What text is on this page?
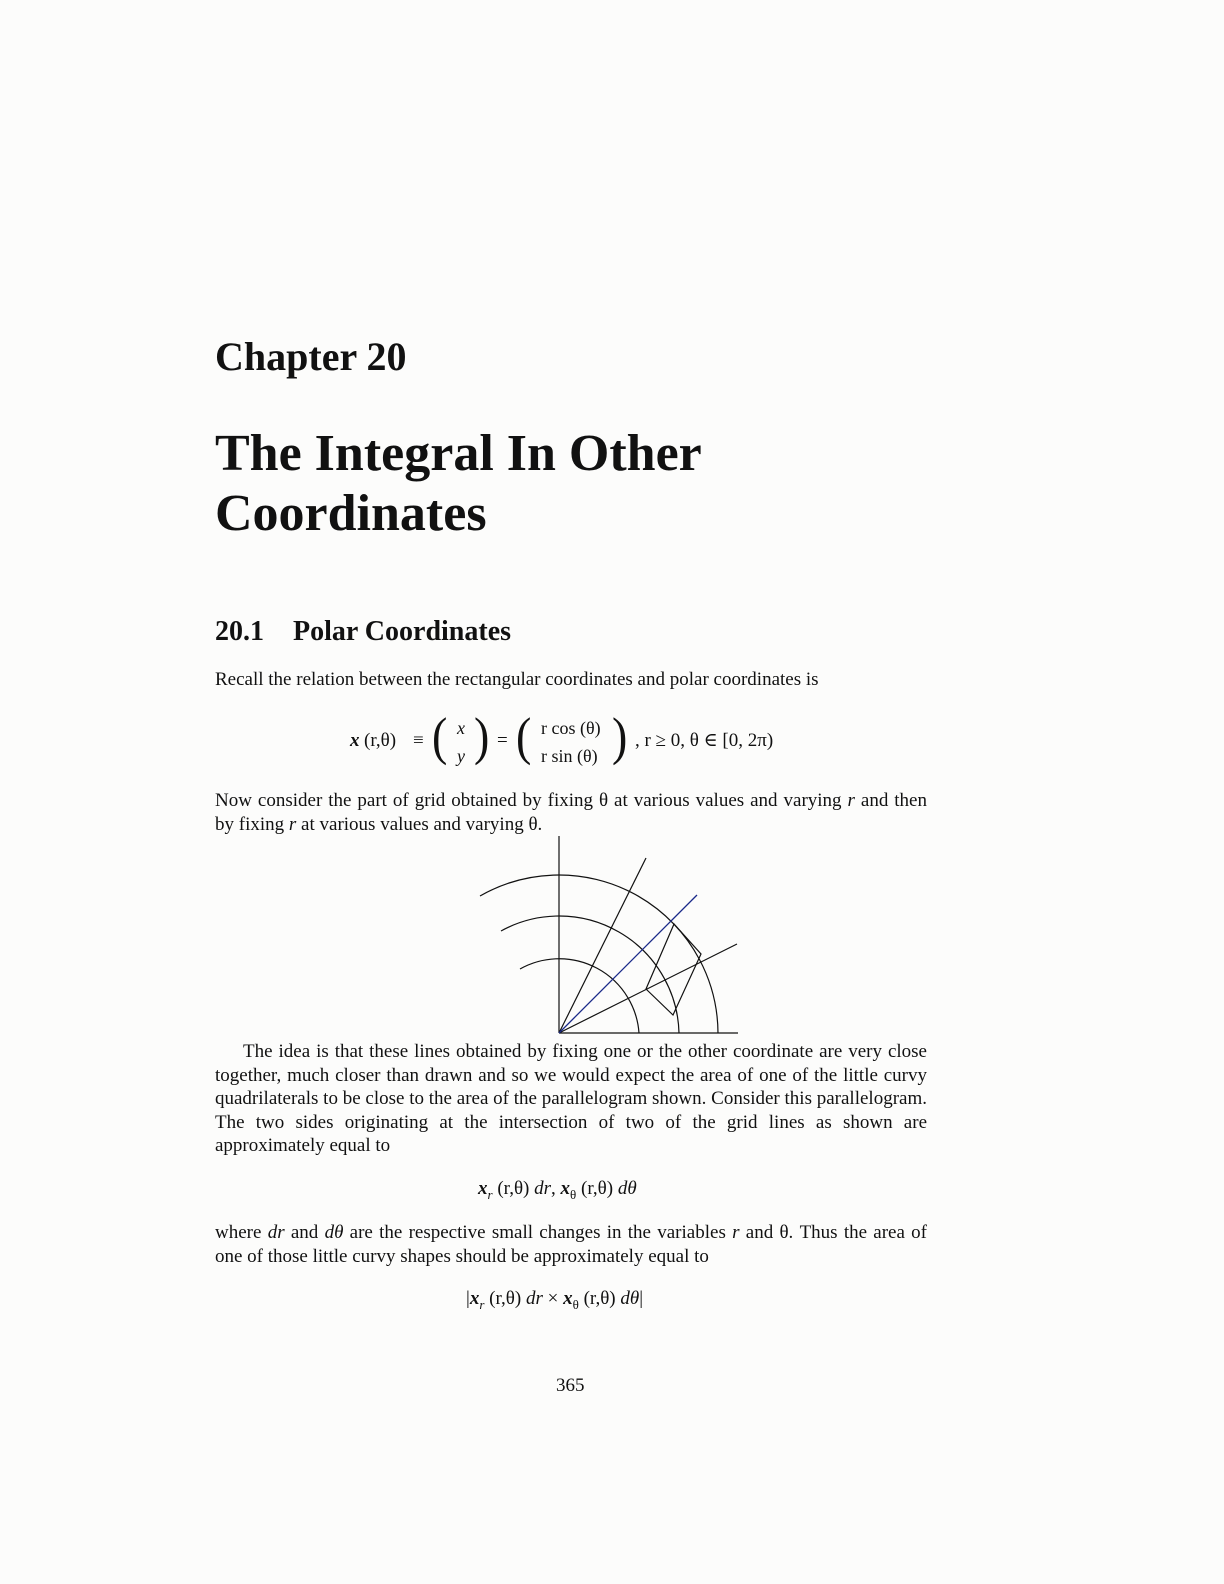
Chapter 20
The Integral In Other
Coordinates
20.1 Polar Coordinates
Recall the relation between the rectangular coordinates and polar coordinates is
x (r,θ) ≡ ( x
y ) = ( r cos (θ)
r sin (θ) ) , r ≥ 0, θ ∈ [0, 2π)
Now consider the part of grid obtained by fixing θ at various values and varying r and then by fixing r at various values and varying θ.
The idea is that these lines obtained by fixing one or the other coordinate are very close together, much closer than drawn and so we would expect the area of one of the little curvy quadrilaterals to be close to the area of the parallelogram shown. Consider this parallelogram. The two sides originating at the intersection of two of the grid lines as shown are approximately equal to
$x_r$ (r,θ) dr, $x_\theta$ (r,θ) dθ
where dr and dθ are the respective small changes in the variables r and θ. Thus the area of one of those little curvy shapes should be approximately equal to
$|x_r$ (r,θ) dr × $x_\theta$ (r,θ) dθ|
365
